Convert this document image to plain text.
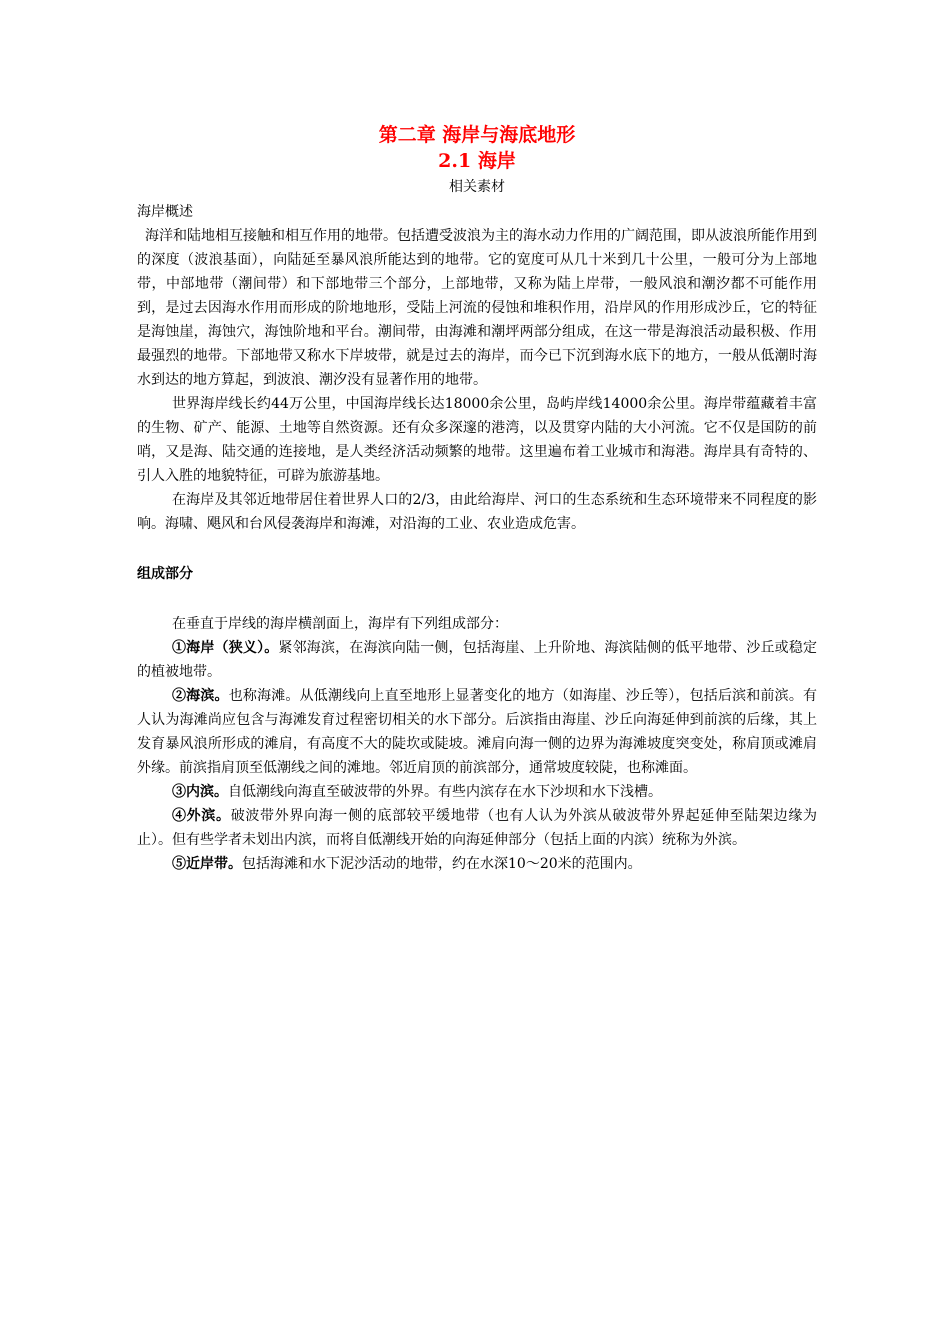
第二章 海岸与海底地形
2.1 海岸
相关素材
海岸概述

海洋和陆地相互接触和相互作用的地带。包括遭受波浪为主的海水动力作用的广阔范围，即从波浪所能作用到的深度（波浪基面），向陆延至暴风浪所能达到的地带。它的宽度可从几十米到几十公里，一般可分为上部地带，中部地带（潮间带）和下部地带三个部分，上部地带，又称为陆上岸带，一般风浪和潮汐都不可能作用到，是过去因海水作用而形成的阶地地形，受陆上河流的侵蚀和堆积作用，沿岸风的作用形成沙丘，它的特征是海蚀崖，海蚀穴，海蚀阶地和平台。潮间带，由海滩和潮坪两部分组成，在这一带是海浪活动最积极、作用最强烈的地带。下部地带又称水下岸坡带，就是过去的海岸，而今已下沉到海水底下的地方，一般从低潮时海水到达的地方算起，到波浪、潮汐没有显著作用的地带。

世界海岸线长约44万公里，中国海岸线长达18000余公里，岛屿岸线14000余公里。海岸带蕴藏着丰富的生物、矿产、能源、土地等自然资源。还有众多深邃的港湾，以及贯穿内陆的大小河流。它不仅是国防的前哨，又是海、陆交通的连接地，是人类经济活动频繁的地带。这里遍布着工业城市和海港。海岸具有奇特的、引人入胜的地貌特征，可辟为旅游基地。

在海岸及其邻近地带居住着世界人口的2/3，由此给海岸、河口的生态系统和生态环境带来不同程度的影响。海啸、飓风和台风侵袭海岸和海滩，对沿海的工业、农业造成危害。

组成部分

在垂直于岸线的海岸横剖面上，海岸有下列组成部分：

①海岸（狭义）。紧邻海滨，在海滨向陆一侧，包括海崖、上升阶地、海滨陆侧的低平地带、沙丘或稳定的植被地带。

②海滨。也称海滩。从低潮线向上直至地形上显著变化的地方（如海崖、沙丘等），包括后滨和前滨。有人认为海滩尚应包含与海滩发育过程密切相关的水下部分。后滨指由海崖、沙丘向海延伸到前滨的后缘，其上发育暴风浪所形成的滩肩，有高度不大的陡坎或陡坡。滩肩向海一侧的边界为海滩坡度突变处，称肩顶或滩肩外缘。前滨指肩顶至低潮线之间的滩地。邻近肩顶的前滨部分，通常坡度较陡，也称滩面。

③内滨。自低潮线向海直至破波带的外界。有些内滨存在水下沙坝和水下浅槽。

④外滨。破波带外界向海一侧的底部较平缓地带（也有人认为外滨从破波带外界起延伸至陆架边缘为止）。但有些学者未划出内滨，而将自低潮线开始的向海延伸部分（包括上面的内滨）统称为外滨。

⑤近岸带。包括海滩和水下泥沙活动的地带，约在水深10～20米的范围内。
